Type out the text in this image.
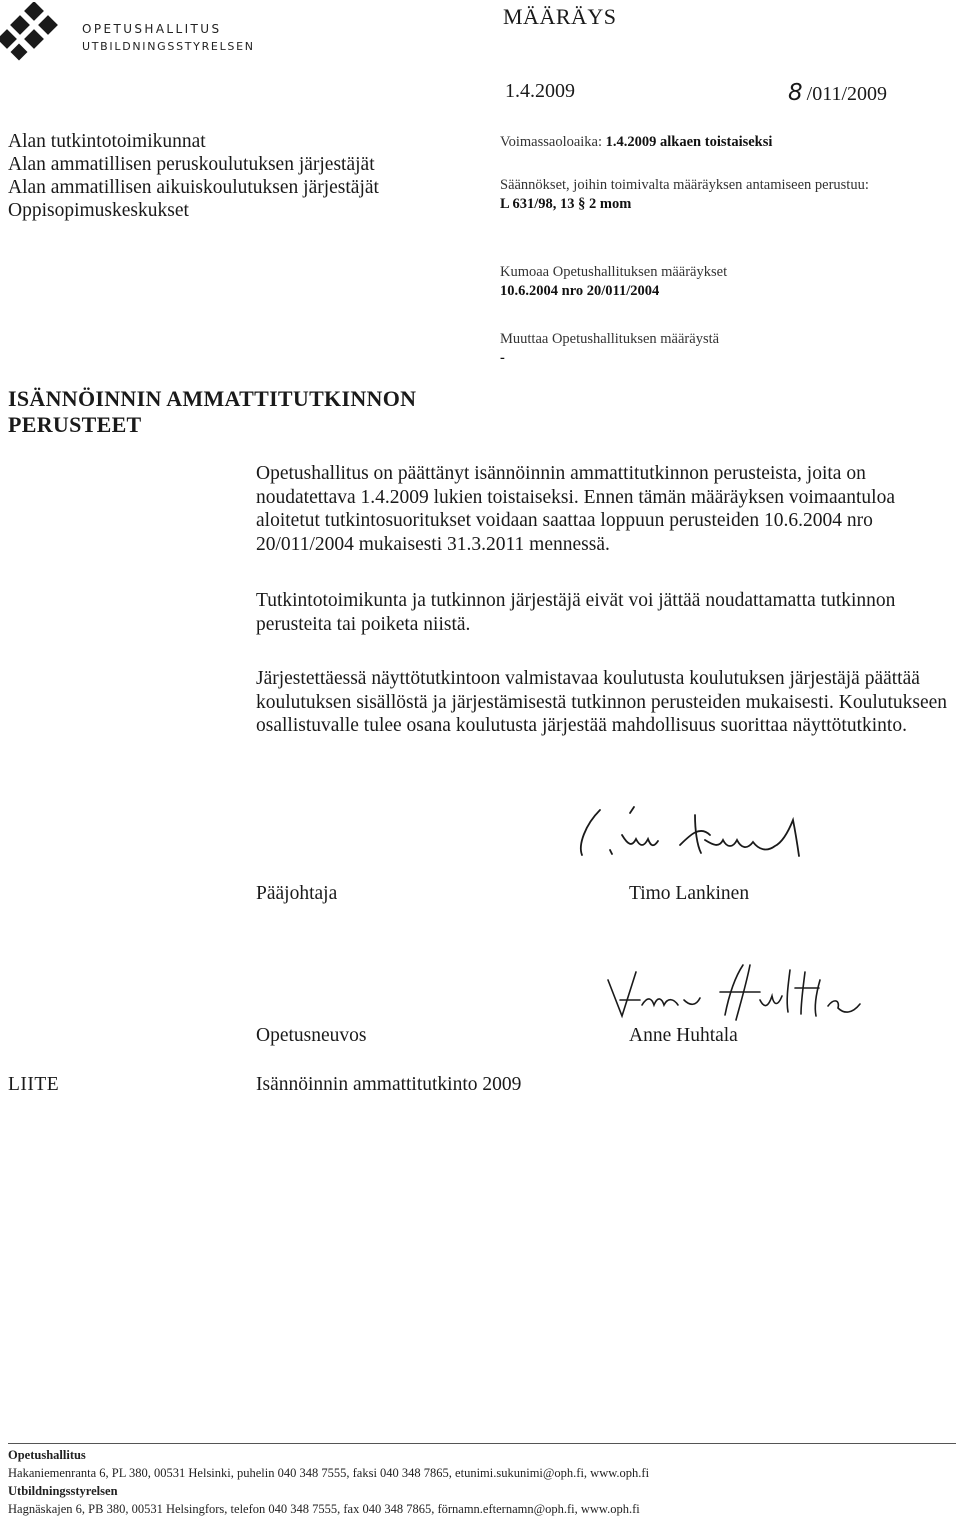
OPETUSHALLITUS
UTBILDNINGSSTYRELSEN
MÄÄRÄYS
1.4.2009	8 /011/2009
Alan tutkintotoimikunnat
Alan ammatillisen peruskoulutuksen järjestäjät
Alan ammatillisen aikuiskoulutuksen järjestäjät
Oppisopimuskeskukset
Voimassaoloaika: 1.4.2009 alkaen toistaiseksi
Säännökset, joihin toimivalta määräyksen antamiseen perustuu:
L 631/98, 13 § 2 mom
Kumoaa Opetushallituksen määräykset
10.6.2004 nro 20/011/2004
Muuttaa Opetushallituksen määräystä
-
ISÄNNÖINNIN AMMATTITUTKINNON
PERUSTEET
Opetushallitus on päättänyt isännöinnin ammattitutkinnon perusteista, joita on noudatettava 1.4.2009 lukien toistaiseksi. Ennen tämän määräyksen voimaantuloa aloitetut tutkintosuoritukset voidaan saattaa loppuun perusteiden 10.6.2004 nro 20/011/2004 mukaisesti 31.3.2011 mennessä.
Tutkintotoimikunta ja tutkinnon järjestäjä eivät voi jättää noudattamatta tutkinnon perusteita tai poiketa niistä.
Järjestettäessä näyttötutkintoon valmistavaa koulutusta koulutuksen järjestäjä päättää koulutuksen sisällöstä ja järjestämisestä tutkinnon perusteiden mukaisesti. Koulutukseen osallistuvalle tulee osana koulutusta järjestää mahdollisuus suorittaa näyttötutkinto.
Pääjohtaja	Timo Lankinen
Opetusneuvos	Anne Huhtala
LIITE	Isännöinnin ammattitutkinto 2009
Opetushallitus
Hakaniemenranta 6, PL 380, 00531 Helsinki, puhelin 040 348 7555, faksi 040 348 7865, etunimi.sukunimi@oph.fi, www.oph.fi
Utbildningsstyrelsen
Hagnäskajen 6, PB 380, 00531 Helsingfors, telefon 040 348 7555, fax 040 348 7865, förnamn.efternamn@oph.fi, www.oph.fi
